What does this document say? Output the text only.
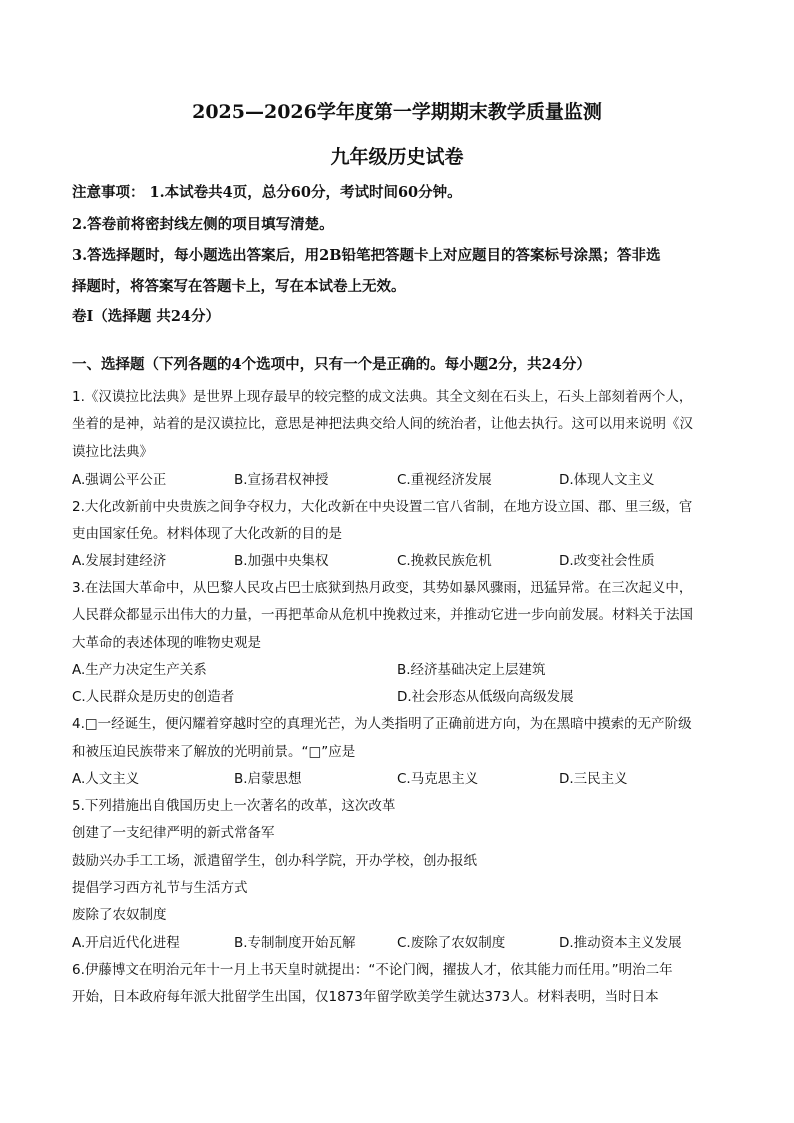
2025—2026学年度第一学期期末教学质量监测
九年级历史试卷
注意事项： 1.本试卷共4页，总分60分，考试时间60分钟。
2.答卷前将密封线左侧的项目填写清楚。
3.答选择题时，每小题选出答案后，用2B铅笔把答题卡上对应题目的答案标号涂黑；答非选
择题时，将答案写在答题卡上，写在本试卷上无效。
卷Ⅰ（选择题 共24分）
一、选择题（下列各题的4个选项中，只有一个是正确的。每小题2分，共24分）
1.《汉谟拉比法典》是世界上现存最早的较完整的成文法典。其全文刻在石头上，石头上部刻着两个人，
坐着的是神，站着的是汉谟拉比，意思是神把法典交给人间的统治者，让他去执行。这可以用来说明《汉
谟拉比法典》
A.强调公平公正	B.宣扬君权神授	C.重视经济发展	D.体现人文主义
2.大化改新前中央贵族之间争夺权力，大化改新在中央设置二官八省制，在地方设立国、郡、里三级，官
吏由国家任免。材料体现了大化改新的目的是
A.发展封建经济	B.加强中央集权	C.挽救民族危机	D.改变社会性质
3.在法国大革命中，从巴黎人民攻占巴士底狱到热月政变，其势如暴风骤雨，迅猛异常。在三次起义中，
人民群众都显示出伟大的力量，一再把革命从危机中挽救过来，并推动它进一步向前发展。材料关于法国
大革命的表述体现的唯物史观是
A.生产力决定生产关系	B.经济基础决定上层建筑
C.人民群众是历史的创造者	D.社会形态从低级向高级发展
4.□一经诞生，便闪耀着穿越时空的真理光芒，为人类指明了正确前进方向，为在黑暗中摸索的无产阶级
和被压迫民族带来了解放的光明前景。“□”应是
A.人文主义	B.启蒙思想	C.马克思主义	D.三民主义
5.下列措施出自俄国历史上一次著名的改革，这次改革
创建了一支纪律严明的新式常备军
鼓励兴办手工工场，派遣留学生，创办科学院，开办学校，创办报纸
提倡学习西方礼节与生活方式
废除了农奴制度
A.开启近代化进程	B.专制制度开始瓦解	C.废除了农奴制度	D.推动资本主义发展
6.伊藤博文在明治元年十一月上书天皇时就提出：“不论门阀，擢拔人才，依其能力而任用。”明治二年
开始，日本政府每年派大批留学生出国，仅1873年留学欧美学生就达373人。材料表明，当时日本
